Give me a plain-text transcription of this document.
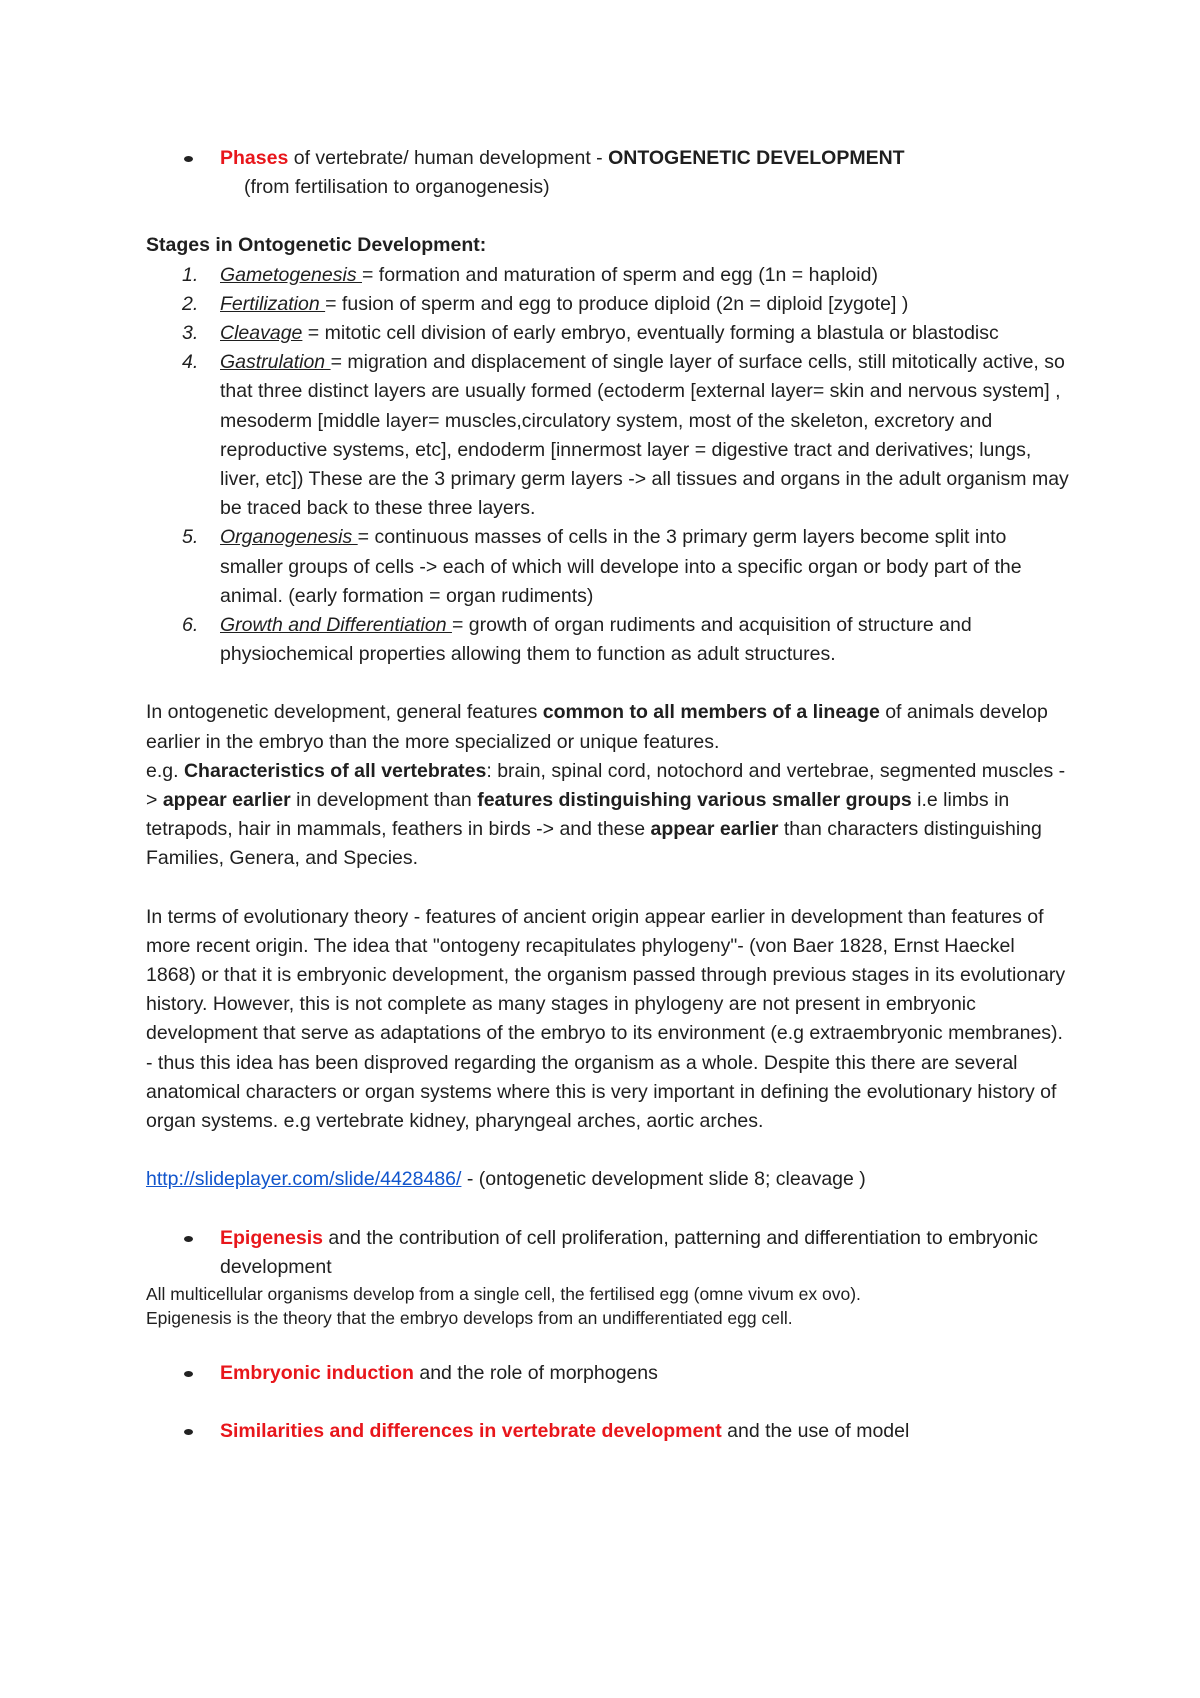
Phases of vertebrate/ human development - ONTOGENETIC DEVELOPMENT
(from fertilisation to organogenesis)
Stages in Ontogenetic Development:
1. Gametogenesis = formation and maturation of sperm and egg (1n = haploid)
2. Fertilization = fusion of sperm and egg to produce diploid (2n = diploid [zygote] )
3. Cleavage = mitotic cell division of early embryo, eventually forming a blastula or blastodisc
4. Gastrulation = migration and displacement of single layer of surface cells, still mitotically active, so that three distinct layers are usually formed (ectoderm [external layer= skin and nervous system] , mesoderm [middle layer= muscles,circulatory system, most of the skeleton, excretory and reproductive systems, etc], endoderm [innermost layer = digestive tract and derivatives; lungs, liver, etc]) These are the 3 primary germ layers -> all tissues and organs in the adult organism may be traced back to these three layers.
5. Organogenesis = continuous masses of cells in the 3 primary germ layers become split into smaller groups of cells -> each of which will develope into a specific organ or body part of the animal. (early formation = organ rudiments)
6. Growth and Differentiation = growth of organ rudiments and acquisition of structure and physiochemical properties allowing them to function as adult structures.

In ontogenetic development, general features common to all members of a lineage of animals develop earlier in the embryo than the more specialized or unique features.
e.g. Characteristics of all vertebrates: brain, spinal cord, notochord and vertebrae, segmented muscles -> appear earlier in development than features distinguishing various smaller groups i.e limbs in tetrapods, hair in mammals, feathers in birds -> and these appear earlier than characters distinguishing Families, Genera, and Species.

In terms of evolutionary theory - features of ancient origin appear earlier in development than features of more recent origin. The idea that "ontogeny recapitulates phylogeny"- (von Baer 1828, Ernst Haeckel 1868) or that it is embryonic development, the organism passed through previous stages in its evolutionary history. However, this is not complete as many stages in phylogeny are not present in embryonic development that serve as adaptations of the embryo to its environment (e.g extraembryonic membranes). - thus this idea has been disproved regarding the organism as a whole. Despite this there are several anatomical characters or organ systems where this is very important in defining the evolutionary history of organ systems. e.g vertebrate kidney, pharyngeal arches, aortic arches.

http://slideplayer.com/slide/4428486/ - (ontogenetic development slide 8; cleavage )

Epigenesis and the contribution of cell proliferation, patterning and differentiation to embryonic development
All multicellular organisms develop from a single cell, the fertilised egg (omne vivum ex ovo).
Epigenesis is the theory that the embryo develops from an undifferentiated egg cell.
Embryonic induction and the role of morphogens
Similarities and differences in vertebrate development and the use of model
